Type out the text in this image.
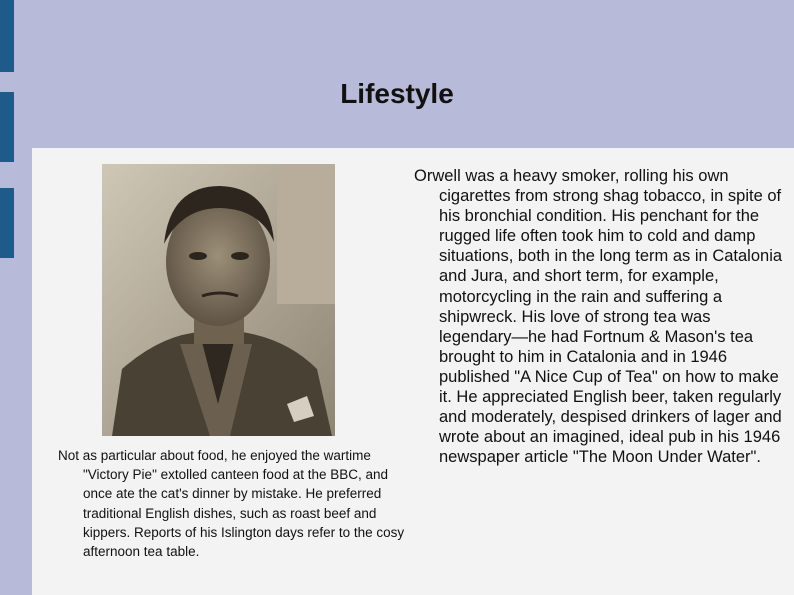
Lifestyle

Not as particular about food, he enjoyed the wartime "Victory Pie" extolled canteen food at the BBC, and once ate the cat's dinner by mistake. He preferred traditional English dishes, such as roast beef and kippers. Reports of his Islington days refer to the cosy afternoon tea table.

Orwell was a heavy smoker, rolling his own cigarettes from strong shag tobacco, in spite of his bronchial condition. His penchant for the rugged life often took him to cold and damp situations, both in the long term as in Catalonia and Jura, and short term, for example, motorcycling in the rain and suffering a shipwreck. His love of strong tea was legendary—he had Fortnum & Mason's tea brought to him in Catalonia and in 1946 published "A Nice Cup of Tea" on how to make it. He appreciated English beer, taken regularly and moderately, despised drinkers of lager and wrote about an imagined, ideal pub in his 1946 newspaper article "The Moon Under Water".
